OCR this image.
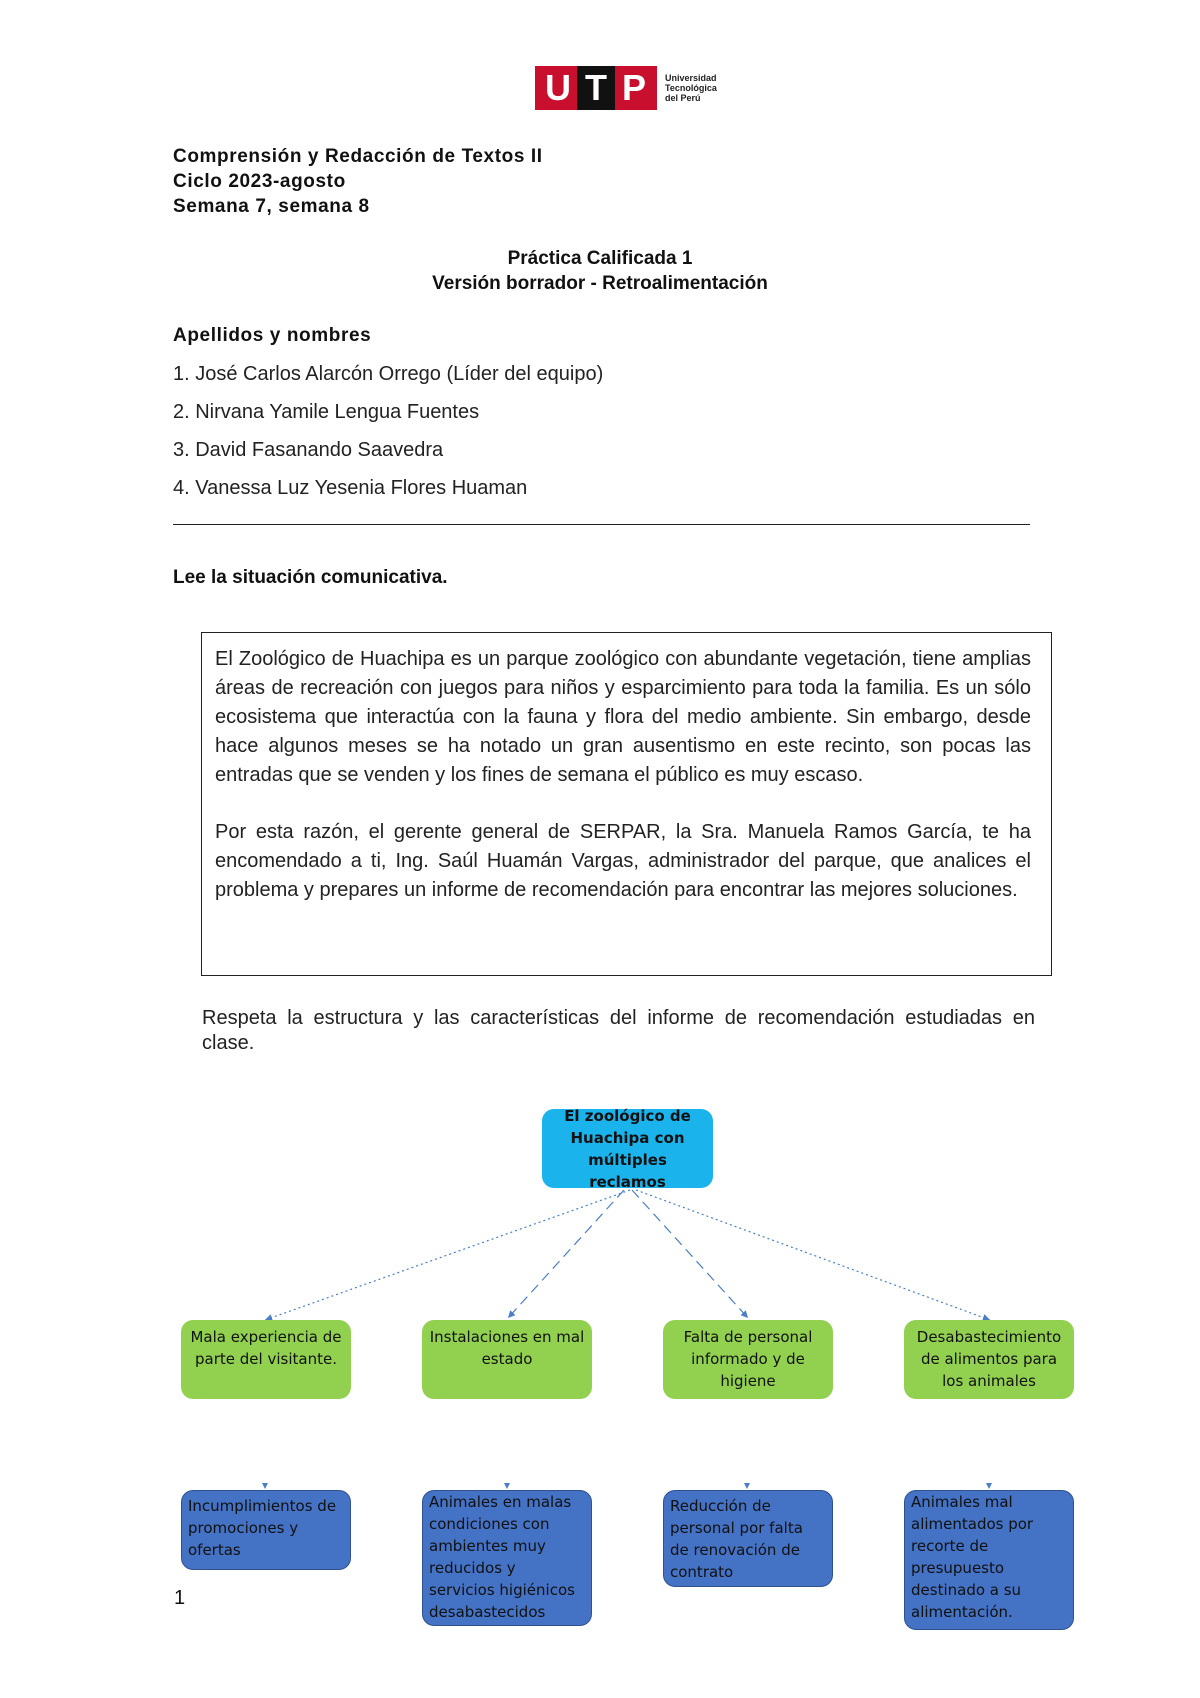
U T P	Universidad
Tecnológica
del Perú
Comprensión y Redacción de Textos II
Ciclo 2023-agosto
Semana 7, semana 8
Práctica Calificada 1
Versión borrador - Retroalimentación
Apellidos y nombres
1. José Carlos Alarcón Orrego (Líder del equipo)
2. Nirvana Yamile Lengua Fuentes
3. David Fasanando Saavedra
4. Vanessa Luz Yesenia Flores Huaman
Lee la situación comunicativa.

El Zoológico de Huachipa es un parque zoológico con abundante vegetación, tiene amplias áreas de recreación con juegos para niños y esparcimiento para toda la familia. Es un sólo ecosistema que interactúa con la fauna y flora del medio ambiente. Sin embargo, desde hace algunos meses se ha notado un gran ausentismo en este recinto, son pocas las entradas que se venden y los fines de semana el público es muy escaso.

Por esta razón, el gerente general de SERPAR, la Sra. Manuela Ramos García, te ha encomendado a ti, Ing. Saúl Huamán Vargas, administrador del parque, que analices el problema y prepares un informe de recomendación para encontrar las mejores soluciones.

Respeta la estructura y las características del informe de recomendación estudiadas en clase.
El zoológico de Huachipa con múltiples reclamos
Mala experiencia de parte del visitante.
Instalaciones en mal estado
Falta de personal informado y de higiene
Desabastecimiento de alimentos para los animales
Incumplimientos de promociones y ofertas
Animales en malas condiciones con ambientes muy reducidos y servicios higiénicos desabastecidos
Reducción de personal por falta de renovación de contrato
Animales mal alimentados por recorte de presupuesto destinado a su alimentación.
1
